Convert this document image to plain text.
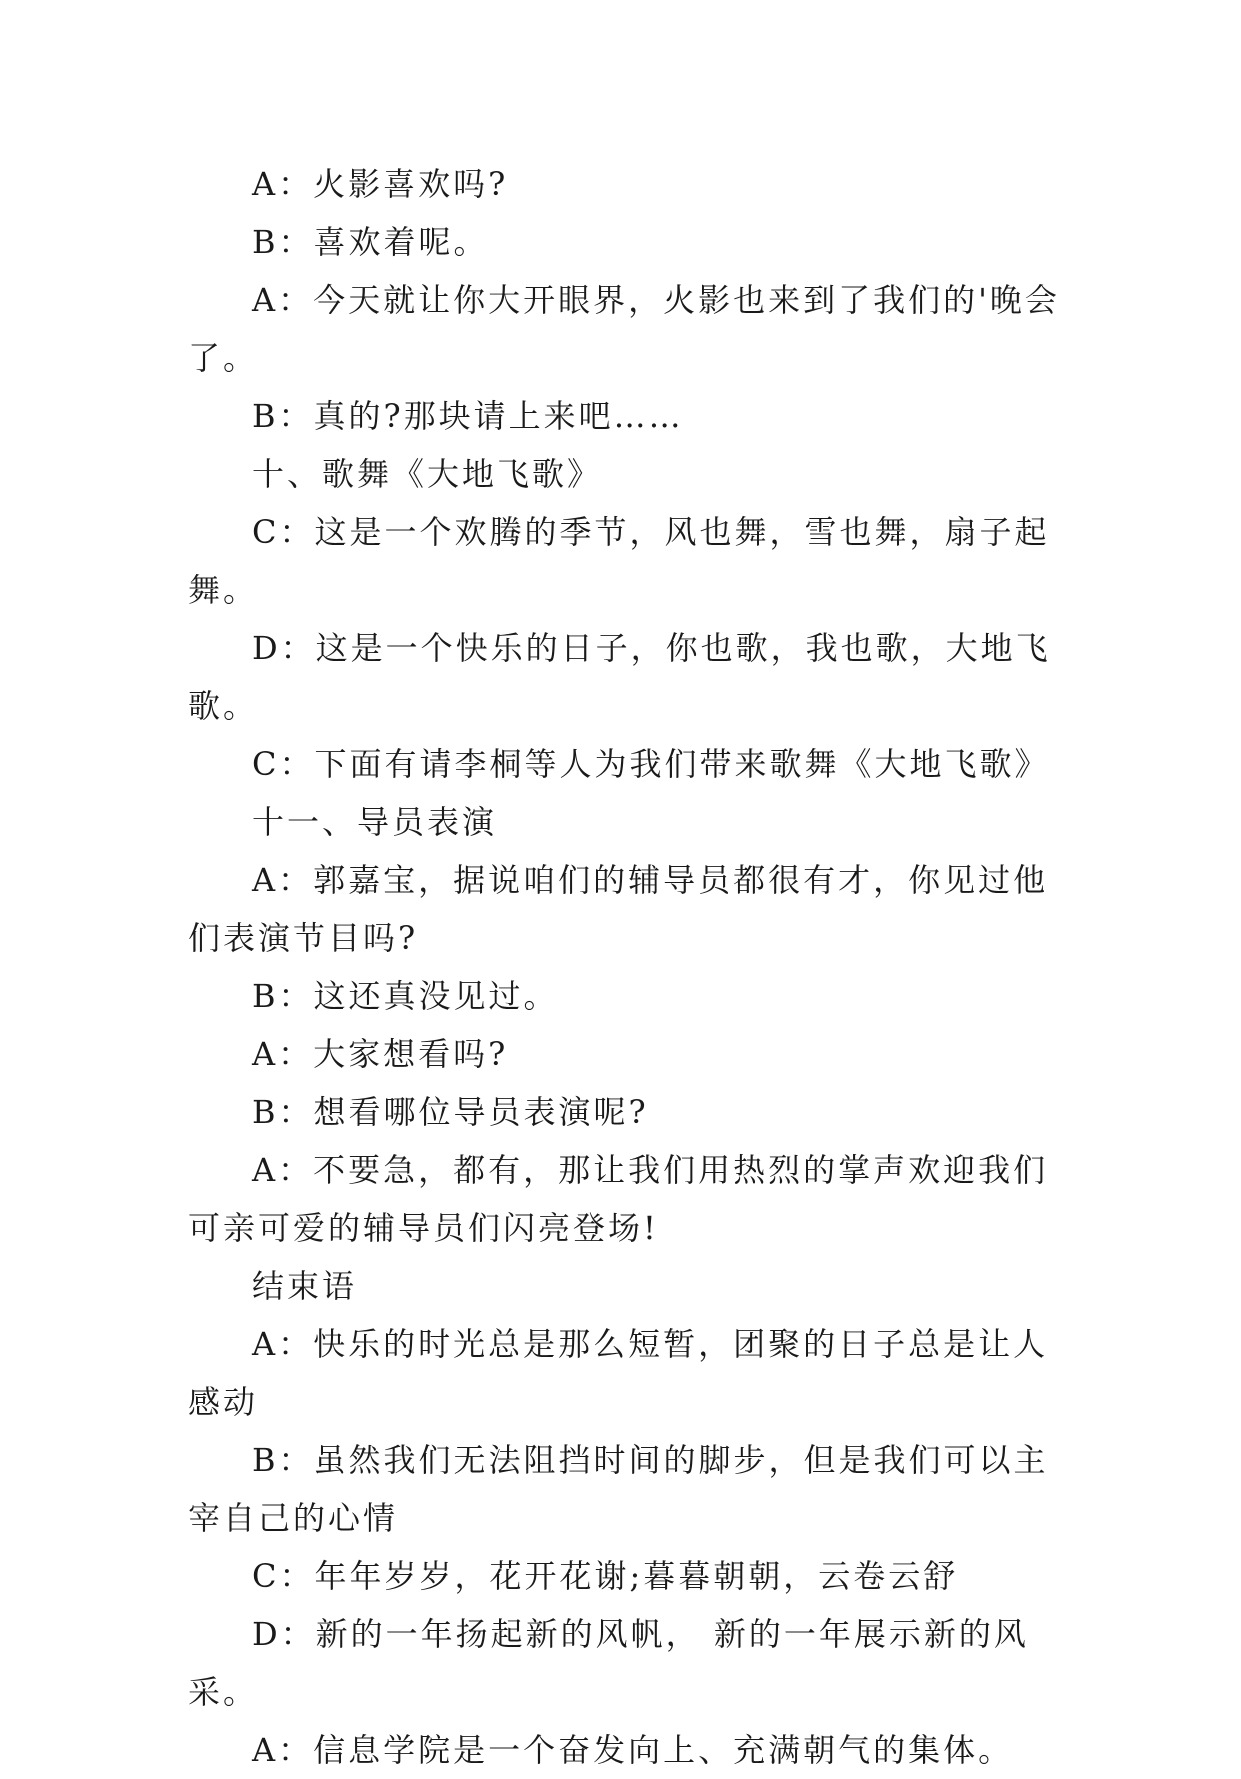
A：火影喜欢吗?

B：喜欢着呢。

A：今天就让你大开眼界，火影也来到了我们的'晚会了。

B：真的?那块请上来吧……

十、歌舞《大地飞歌》

C：这是一个欢腾的季节，风也舞，雪也舞，扇子起舞。

D：这是一个快乐的日子，你也歌，我也歌，大地飞歌。

C：下面有请李桐等人为我们带来歌舞《大地飞歌》

十一、导员表演

A：郭嘉宝，据说咱们的辅导员都很有才，你见过他们表演节目吗?

B：这还真没见过。

A：大家想看吗?

B：想看哪位导员表演呢?

A：不要急，都有，那让我们用热烈的掌声欢迎我们可亲可爱的辅导员们闪亮登场!

结束语

A：快乐的时光总是那么短暂，团聚的日子总是让人感动

B：虽然我们无法阻挡时间的脚步，但是我们可以主宰自己的心情

C：年年岁岁，花开花谢;暮暮朝朝，云卷云舒

D：新的一年扬起新的风帆， 新的一年展示新的风采。

A：信息学院是一个奋发向上、充满朝气的集体。
